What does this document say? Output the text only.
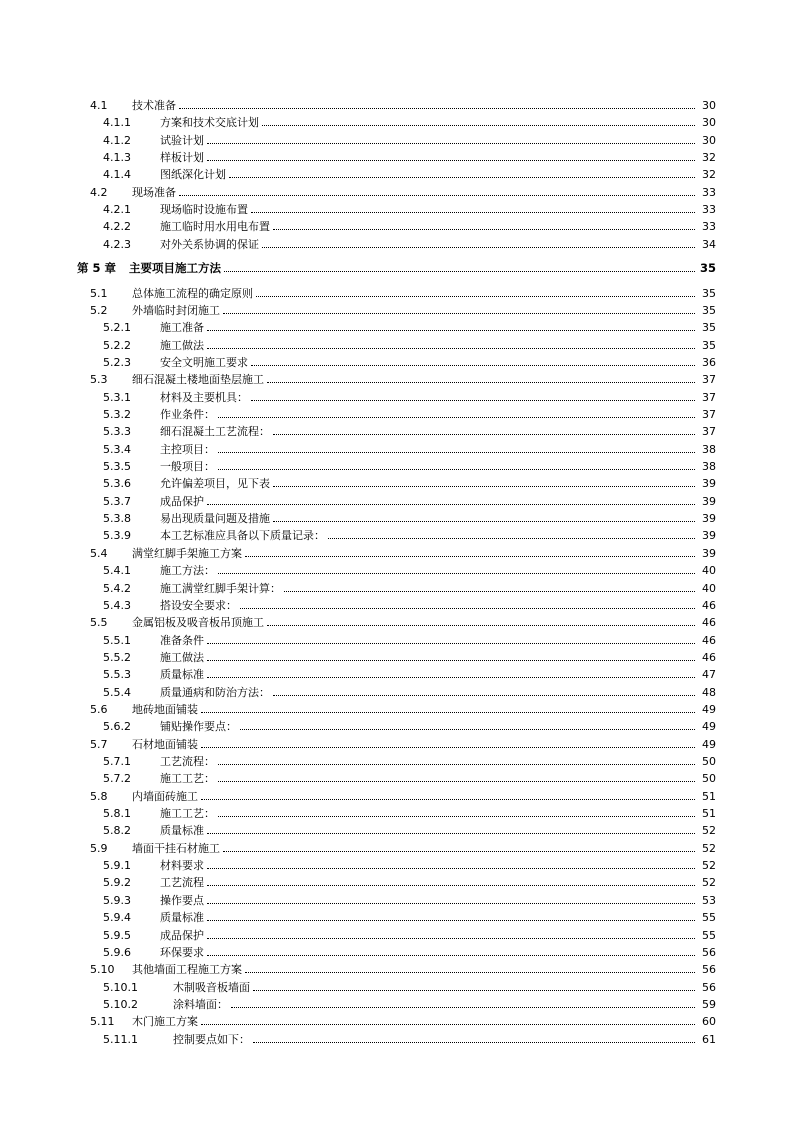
4.1	技术准备	30
4.1.1	方案和技术交底计划	30
4.1.2	试验计划	30
4.1.3	样板计划	32
4.1.4	图纸深化计划	32
4.2	现场准备	33
4.2.1	现场临时设施布置	33
4.2.2	施工临时用水用电布置	33
4.2.3	对外关系协调的保证	34
第 5 章	主要项目施工方法	35
5.1	总体施工流程的确定原则	35
5.2	外墙临时封闭施工	35
5.2.1	施工准备	35
5.2.2	施工做法	35
5.2.3	安全文明施工要求	36
5.3	细石混凝土楼地面垫层施工	37
5.3.1	材料及主要机具：	37
5.3.2	作业条件：	37
5.3.3	细石混凝土工艺流程：	37
5.3.4	主控项目：	38
5.3.5	一般项目：	38
5.3.6	允许偏差项目，见下表	39
5.3.7	成品保护	39
5.3.8	易出现质量问题及措施	39
5.3.9	本工艺标准应具备以下质量记录：	39
5.4	满堂红脚手架施工方案	39
5.4.1	施工方法：	40
5.4.2	施工满堂红脚手架计算：	40
5.4.3	搭设安全要求：	46
5.5	金属铝板及吸音板吊顶施工	46
5.5.1	准备条件	46
5.5.2	施工做法	46
5.5.3	质量标准	47
5.5.4	质量通病和防治方法：	48
5.6	地砖地面铺装	49
5.6.2	铺贴操作要点：	49
5.7	石材地面铺装	49
5.7.1	工艺流程：	50
5.7.2	施工工艺：	50
5.8	内墙面砖施工	51
5.8.1	施工工艺：	51
5.8.2	质量标准	52
5.9	墙面干挂石材施工	52
5.9.1	材料要求	52
5.9.2	工艺流程	52
5.9.3	操作要点	53
5.9.4	质量标准	55
5.9.5	成品保护	55
5.9.6	环保要求	56
5.10	其他墙面工程施工方案	56
5.10.1	木制吸音板墙面	56
5.10.2	涂料墙面：	59
5.11	木门施工方案	60
5.11.1	控制要点如下：	61
